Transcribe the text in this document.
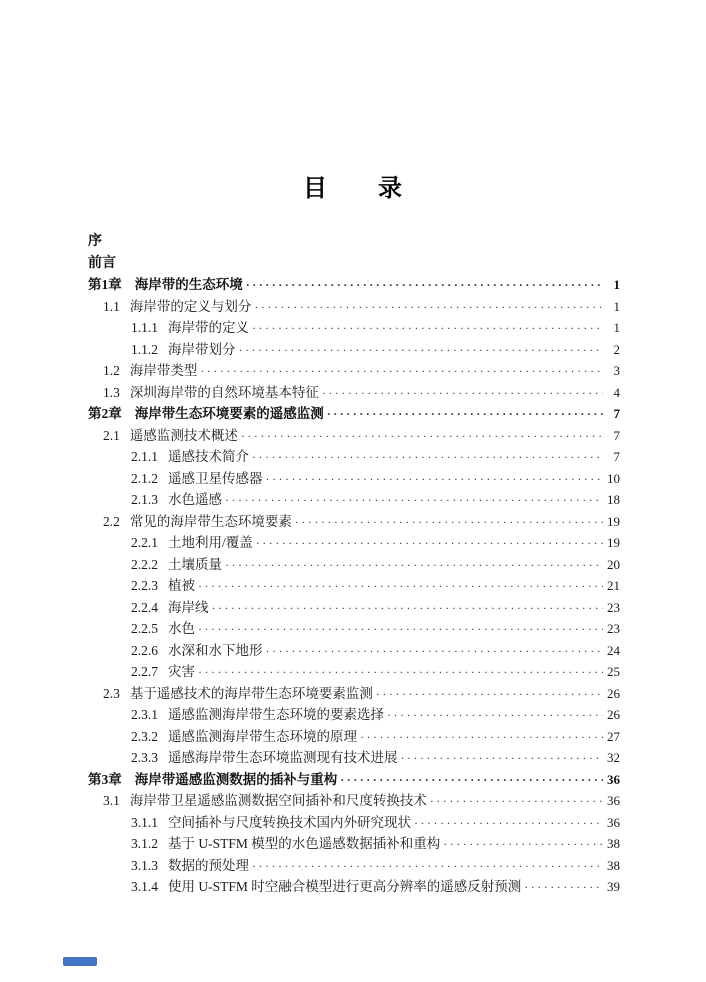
目　　录
序
前言
第1章 海岸带的生态环境 ·····	1
1.1 海岸带的定义与划分 ·····	1
1.1.1 海岸带的定义 ·····	1
1.1.2 海岸带划分 ·····	2
1.2 海岸带类型 ·····	3
1.3 深圳海岸带的自然环境基本特征 ·····	4
第2章 海岸带生态环境要素的遥感监测 ·····	7
2.1 遥感监测技术概述 ·····	7
2.1.1 遥感技术简介 ·····	7
2.1.2 遥感卫星传感器 ·····	10
2.1.3 水色遥感 ·····	18
2.2 常见的海岸带生态环境要素 ·····	19
2.2.1 土地利用/覆盖 ·····	19
2.2.2 土壤质量 ·····	20
2.2.3 植被 ·····	21
2.2.4 海岸线 ·····	23
2.2.5 水色 ·····	23
2.2.6 水深和水下地形 ·····	24
2.2.7 灾害 ·····	25
2.3 基于遥感技术的海岸带生态环境要素监测 ·····	26
2.3.1 遥感监测海岸带生态环境的要素选择 ·····	26
2.3.2 遥感监测海岸带生态环境的原理 ·····	27
2.3.3 遥感海岸带生态环境监测现有技术进展 ·····	32
第3章 海岸带遥感监测数据的插补与重构 ·····	36
3.1 海岸带卫星遥感监测数据空间插补和尺度转换技术 ·····	36
3.1.1 空间插补与尺度转换技术国内外研究现状 ·····	36
3.1.2 基于 U-STFM 模型的水色遥感数据插补和重构 ·····	38
3.1.3 数据的预处理 ·····	38
3.1.4 使用 U-STFM 时空融合模型进行更高分辨率的遥感反射预测 ·····	39
